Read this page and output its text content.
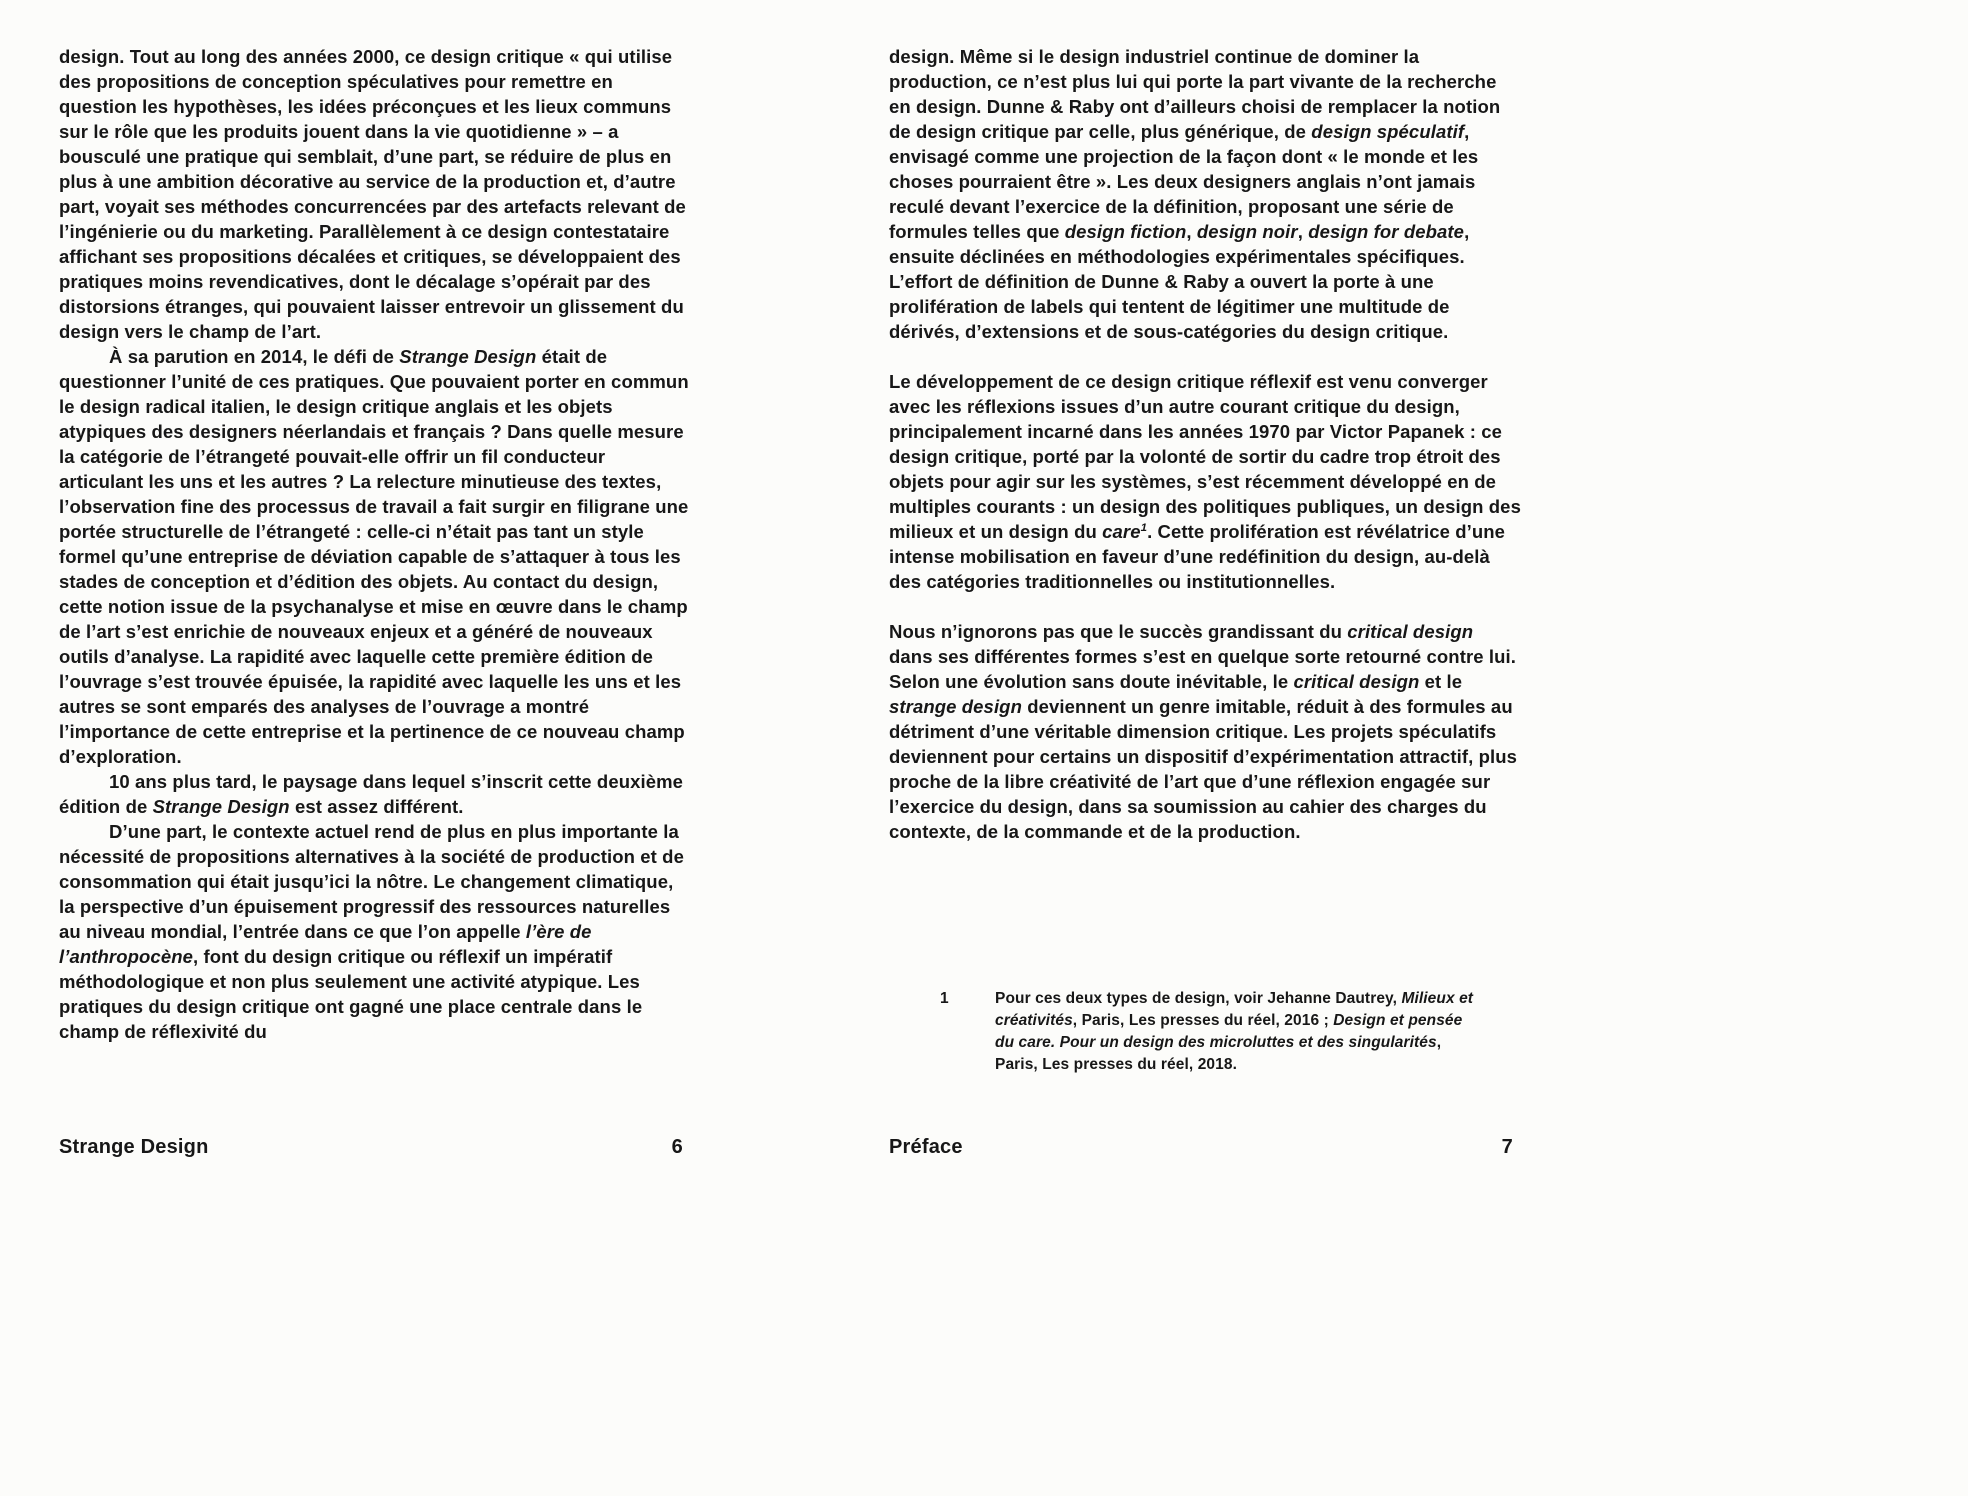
design. Tout au long des années 2000, ce design critique « qui utilise des propositions de conception spéculatives pour remettre en question les hypothèses, les idées préconçues et les lieux communs sur le rôle que les produits jouent dans la vie quotidienne » – a bousculé une pratique qui semblait, d’une part, se réduire de plus en plus à une ambition décorative au service de la production et, d’autre part, voyait ses méthodes concurrencées par des artefacts relevant de l’ingénierie ou du marketing. Parallèlement à ce design contestataire affichant ses propositions décalées et critiques, se développaient des pratiques moins revendicatives, dont le décalage s’opérait par des distorsions étranges, qui pouvaient laisser entrevoir un glissement du design vers le champ de l’art.

À sa parution en 2014, le défi de Strange Design était de questionner l’unité de ces pratiques. Que pouvaient porter en commun le design radical italien, le design critique anglais et les objets atypiques des designers néerlandais et français ? Dans quelle mesure la catégorie de l’étrangeté pouvait-elle offrir un fil conducteur articulant les uns et les autres ? La relecture minutieuse des textes, l’observation fine des processus de travail a fait surgir en filigrane une portée structurelle de l’étrangeté : celle-ci n’était pas tant un style formel qu’une entreprise de déviation capable de s’attaquer à tous les stades de conception et d’édition des objets. Au contact du design, cette notion issue de la psychanalyse et mise en œuvre dans le champ de l’art s’est enrichie de nouveaux enjeux et a généré de nouveaux outils d’analyse. La rapidité avec laquelle cette première édition de l’ouvrage s’est trouvée épuisée, la rapidité avec laquelle les uns et les autres se sont emparés des analyses de l’ouvrage a montré l’importance de cette entreprise et la pertinence de ce nouveau champ d’exploration.

10 ans plus tard, le paysage dans lequel s’inscrit cette deuxième édition de Strange Design est assez différent.

D’une part, le contexte actuel rend de plus en plus importante la nécessité de propositions alternatives à la société de production et de consommation qui était jusqu’ici la nôtre. Le changement climatique, la perspective d’un épuisement progressif des ressources naturelles au niveau mondial, l’entrée dans ce que l’on appelle l’ère de l’anthropocène, font du design critique ou réflexif un impératif méthodologique et non plus seulement une activité atypique. Les pratiques du design critique ont gagné une place centrale dans le champ de réflexivité du

design. Même si le design industriel continue de dominer la production, ce n’est plus lui qui porte la part vivante de la recherche en design. Dunne & Raby ont d’ailleurs choisi de remplacer la notion de design critique par celle, plus générique, de design spéculatif, envisagé comme une projection de la façon dont « le monde et les choses pourraient être ». Les deux designers anglais n’ont jamais reculé devant l’exercice de la définition, proposant une série de formules telles que design fiction, design noir, design for debate, ensuite déclinées en méthodologies expérimentales spécifiques. L’effort de définition de Dunne & Raby a ouvert la porte à une prolifération de labels qui tentent de légitimer une multitude de dérivés, d’extensions et de sous-catégories du design critique.

Le développement de ce design critique réflexif est venu converger avec les réflexions issues d’un autre courant critique du design, principalement incarné dans les années 1970 par Victor Papanek : ce design critique, porté par la volonté de sortir du cadre trop étroit des objets pour agir sur les systèmes, s’est récemment développé en de multiples courants : un design des politiques publiques, un design des milieux et un design du care$^1$. Cette prolifération est révélatrice d’une intense mobilisation en faveur d’une redéfinition du design, au-delà des catégories traditionnelles ou institutionnelles.

Nous n’ignorons pas que le succès grandissant du critical design dans ses différentes formes s’est en quelque sorte retourné contre lui. Selon une évolution sans doute inévitable, le critical design et le strange design deviennent un genre imitable, réduit à des formules au détriment d’une véritable dimension critique. Les projets spéculatifs deviennent pour certains un dispositif d’expérimentation attractif, plus proche de la libre créativité de l’art que d’une réflexion engagée sur l’exercice du design, dans sa soumission au cahier des charges du contexte, de la commande et de la production.

1	Pour ces deux types de design, voir Jehanne Dautrey, Milieux et créativités, Paris, Les presses du réel, 2016 ; Design et pensée du care. Pour un design des microluttes et des singularités, Paris, Les presses du réel, 2018.
Strange Design	6	Préface	7
